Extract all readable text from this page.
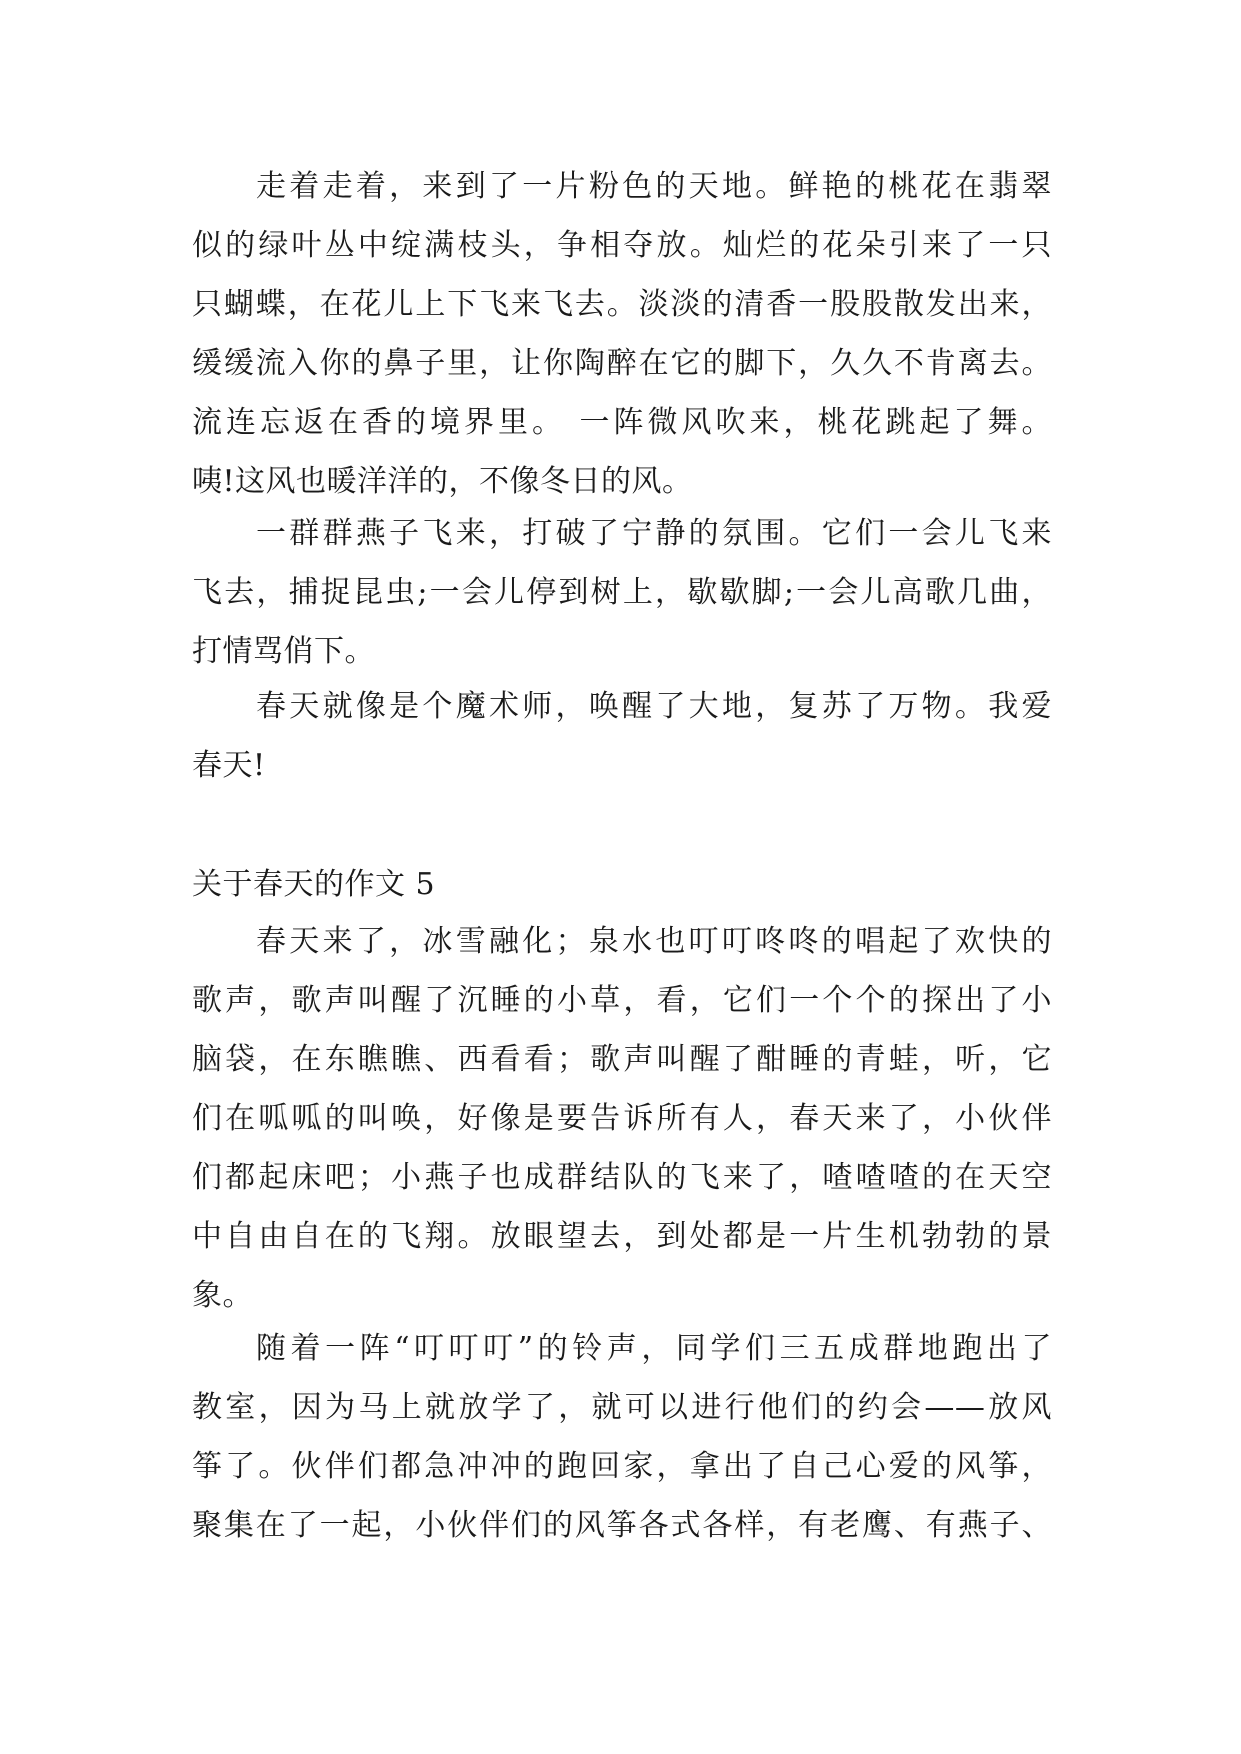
走着走着，来到了一片粉色的天地。鲜艳的桃花在翡翠
似的绿叶丛中绽满枝头，争相夺放。灿烂的花朵引来了一只
只蝴蝶，在花儿上下飞来飞去。淡淡的清香一股股散发出来，
缓缓流入你的鼻子里，让你陶醉在它的脚下，久久不肯离去。
流连忘返在香的境界里。 一阵微风吹来，桃花跳起了舞。
咦!这风也暖洋洋的，不像冬日的风。
一群群燕子飞来，打破了宁静的氛围。它们一会儿飞来
飞去，捕捉昆虫;一会儿停到树上，歇歇脚;一会儿高歌几曲，
打情骂俏下。
春天就像是个魔术师，唤醒了大地，复苏了万物。我爱
春天!
关于春天的作文 5
春天来了，冰雪融化；泉水也叮叮咚咚的唱起了欢快的
歌声，歌声叫醒了沉睡的小草，看，它们一个个的探出了小
脑袋，在东瞧瞧、西看看；歌声叫醒了酣睡的青蛙，听，它
们在呱呱的叫唤，好像是要告诉所有人，春天来了，小伙伴
们都起床吧；小燕子也成群结队的飞来了，喳喳喳的在天空
中自由自在的飞翔。放眼望去，到处都是一片生机勃勃的景
象。
随着一阵“叮叮叮”的铃声，同学们三五成群地跑出了
教室，因为马上就放学了，就可以进行他们的约会——放风
筝了。伙伴们都急冲冲的跑回家，拿出了自己心爱的风筝，
聚集在了一起，小伙伴们的风筝各式各样，有老鹰、有燕子、
